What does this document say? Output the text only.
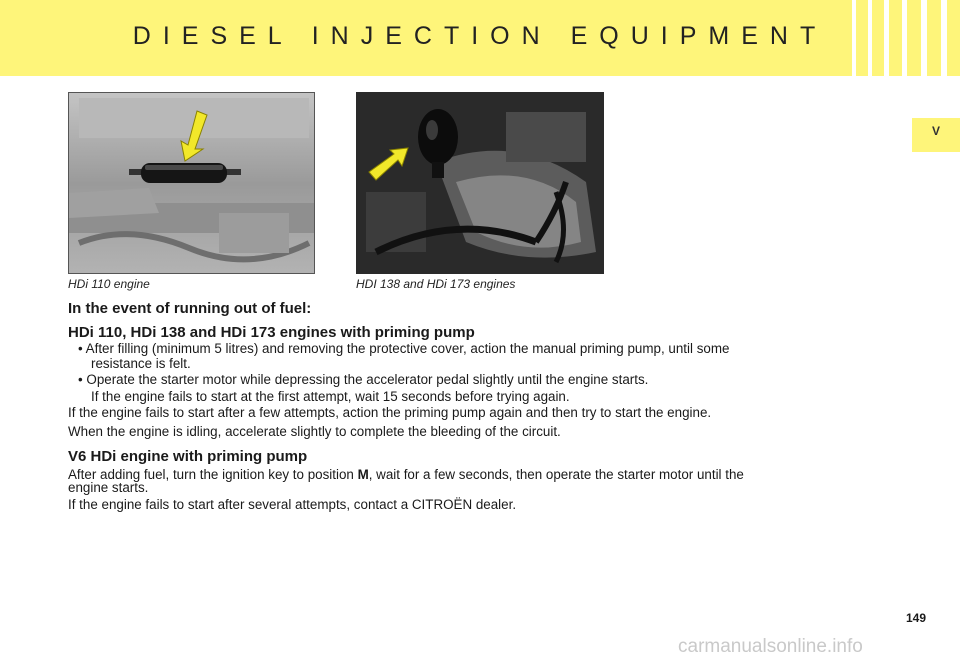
DIESEL INJECTION EQUIPMENT
V
HDi 110 engine	HDI 138 and HDi 173 engines
In the event of running out of fuel:
HDi 110, HDi 138 and HDi 173 engines with priming pump
• After filling (minimum 5 litres) and removing the protective cover, action the manual priming pump, until some
resistance is felt.
• Operate the starter motor while depressing the accelerator pedal slightly until the engine starts.
If the engine fails to start at the first attempt, wait 15 seconds before trying again.
If the engine fails to start after a few attempts, action the priming pump again and then try to start the engine.
When the engine is idling, accelerate slightly to complete the bleeding of the circuit.
V6 HDi engine with priming pump
After adding fuel, turn the ignition key to position M, wait for a few seconds, then operate the starter motor until the
engine starts.
If the engine fails to start after several attempts, contact a CITROËN dealer.
149
carmanualsonline.info
